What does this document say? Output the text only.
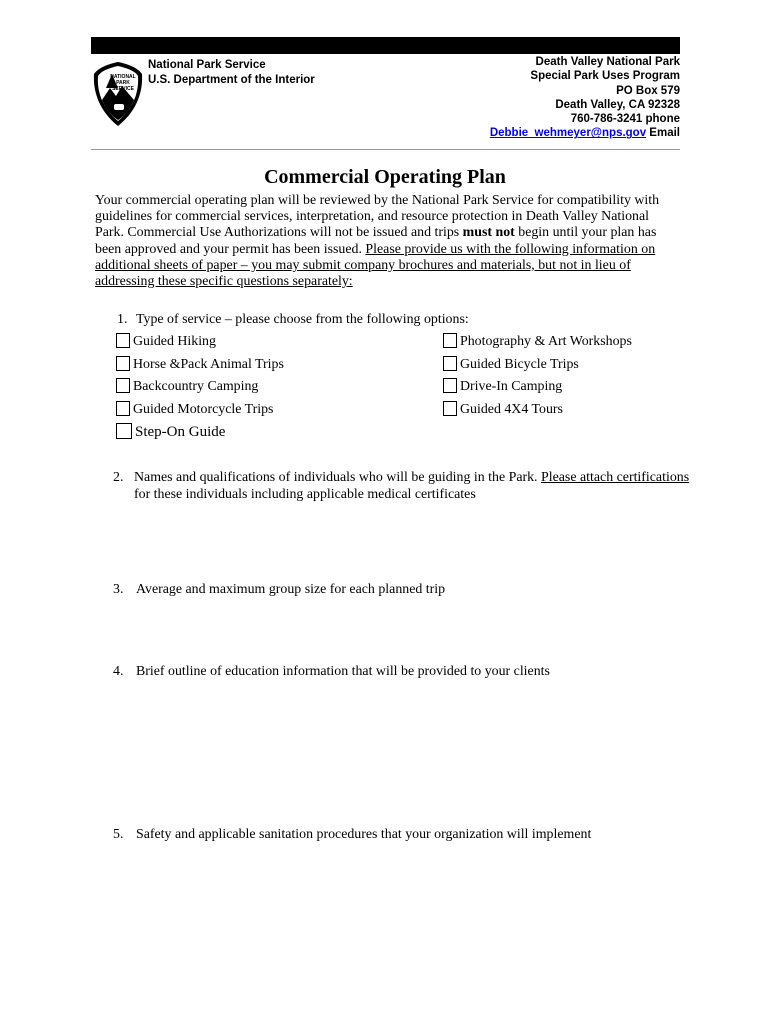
NATIONAL
PARK
SERVICE
National Park Service
U.S. Department of the Interior
Death Valley National Park
Special Park Uses Program
PO Box 579
Death Valley, CA 92328
760-786-3241 phone
Debbie_wehmeyer@nps.gov Email
Commercial Operating Plan
Your commercial operating plan will be reviewed by the National Park Service for compatibility with guidelines for commercial services, interpretation, and resource protection in Death Valley National Park. Commercial Use Authorizations will not be issued and trips must not begin until your plan has been approved and your permit has been issued. Please provide us with the following information on additional sheets of paper – you may submit company brochures and materials, but not in lieu of addressing these specific questions separately:
1. Type of service – please choose from the following options:
Guided Hiking
Horse &Pack Animal Trips
Backcountry Camping
Guided Motorcycle Trips
Step-On Guide
Photography & Art Workshops
Guided Bicycle Trips
Drive-In Camping
Guided 4X4 Tours
2. Names and qualifications of individuals who will be guiding in the Park. Please attach certifications
for these individuals including applicable medical certificates
3. Average and maximum group size for each planned trip
4. Brief outline of education information that will be provided to your clients
5. Safety and applicable sanitation procedures that your organization will implement
